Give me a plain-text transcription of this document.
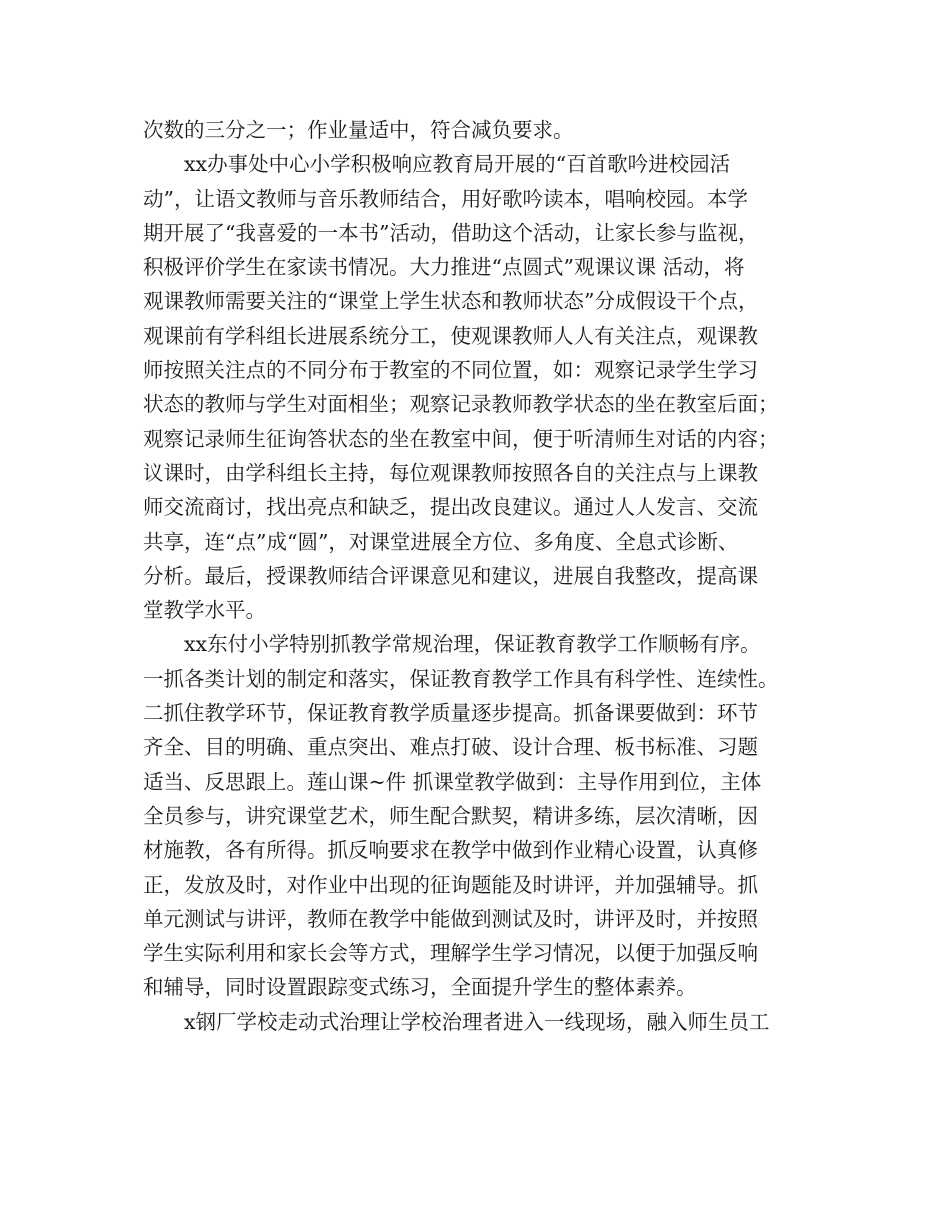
次数的三分之一；作业量适中，符合减负要求。
xx办事处中心小学积极响应教育局开展的“百首歌吟进校园活
动”，让语文教师与音乐教师结合，用好歌吟读本，唱响校园。本学
期开展了“我喜爱的一本书”活动，借助这个活动，让家长参与监视，
积极评价学生在家读书情况。大力推进“点圆式”观课议课 活动，将
观课教师需要关注的“课堂上学生状态和教师状态”分成假设干个点，
观课前有学科组长进展系统分工，使观课教师人人有关注点，观课教
师按照关注点的不同分布于教室的不同位置，如：观察记录学生学习
状态的教师与学生对面相坐；观察记录教师教学状态的坐在教室后面；
观察记录师生征询答状态的坐在教室中间，便于听清师生对话的内容；
议课时，由学科组长主持，每位观课教师按照各自的关注点与上课教
师交流商讨，找出亮点和缺乏，提出改良建议。通过人人发言、交流
共享，连“点”成“圆”，对课堂进展全方位、多角度、全息式诊断、
分析。最后，授课教师结合评课意见和建议，进展自我整改，提高课
堂教学水平。
xx东付小学特别抓教学常规治理，保证教育教学工作顺畅有序。
一抓各类计划的制定和落实，保证教育教学工作具有科学性、连续性。
二抓住教学环节，保证教育教学质量逐步提高。抓备课要做到：环节
齐全、目的明确、重点突出、难点打破、设计合理、板书标准、习题
适当、反思跟上。莲山课~件 抓课堂教学做到：主导作用到位，主体
全员参与，讲究课堂艺术，师生配合默契，精讲多练，层次清晰，因
材施教，各有所得。抓反响要求在教学中做到作业精心设置，认真修
正，发放及时，对作业中出现的征询题能及时讲评，并加强辅导。抓
单元测试与讲评，教师在教学中能做到测试及时，讲评及时，并按照
学生实际利用和家长会等方式，理解学生学习情况，以便于加强反响
和辅导，同时设置跟踪变式练习，全面提升学生的整体素养。
x钢厂学校走动式治理让学校治理者进入一线现场，融入师生员工
